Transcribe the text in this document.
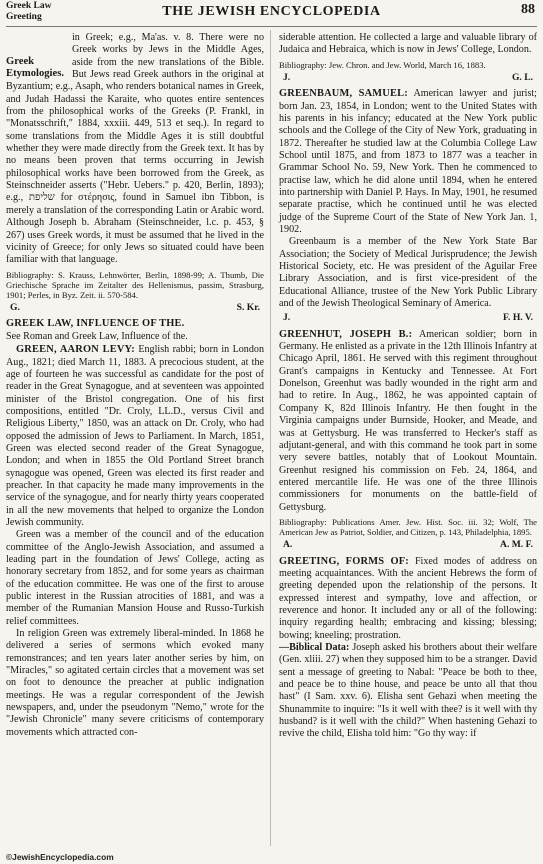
Greek Law
Greeting	THE JEWISH ENCYCLOPEDIA	88
Greek Etymologies.

in Greek; e.g., Ma'as. v. 8. There were no Greek works by Jews in the Middle Ages, aside from the new translations of the Bible. But Jews read Greek authors in the original at Byzantium; e.g., Asaph, who renders botanical names in Greek, and Judah Hadassi the Karaite, who quotes entire sentences from the philosophical works of the Greeks (P. Frankl, in "Monatsschrift," 1884, xxxiii. 449, 513 et seq.). In regard to some translations from the Middle Ages it is still doubtful whether they were made directly from the Greek text. It has by no means been proven that terms occurring in Jewish philosophical works have been borrowed from the Greek, as Steinschneider asserts ("Hebr. Uebers." p. 420, Berlin, 1893); e.g., שליפת for στέρησις, found in Samuel ibn Tibbon, is merely a translation of the corresponding Latin or Arabic word. Although Joseph b. Abraham (Steinschneider, l.c. p. 453, § 267) uses Greek words, it must be assumed that he lived in the vicinity of Greece; for only Jews so situated could have been familiar with that language.

Bibliography: S. Krauss, Lehnwörter, Berlin, 1898-99; A. Thumb, Die Griechische Sprache im Zeitalter des Hellenismus, passim, Strasburg, 1901; Perles, in Byz. Zeit. ii. 570-584.

G.	S. Kr.

GREEK LAW, INFLUENCE OF THE.

See Roman and Greek Law, Influence of the.

GREEN, AARON LEVY: English rabbi; born in London Aug., 1821; died March 11, 1883. A precocious student, at the age of fourteen he was successful as candidate for the post of reader in the Great Synagogue, and at seventeen was appointed minister of the Bristol congregation. One of his first compositions, entitled "Dr. Croly, LL.D., versus Civil and Religious Liberty," 1850, was an attack on Dr. Croly, who had opposed the admission of Jews to Parliament. In March, 1851, Green was elected second reader of the Great Synagogue, London; and when in 1855 the Old Portland Street branch synagogue was opened, Green was elected its first reader and preacher. In that capacity he made many improvements in the service of the synagogue, and for nearly thirty years cooperated in all the new movements that helped to organize the London Jewish community.

Green was a member of the council and of the education committee of the Anglo-Jewish Association, and assumed a leading part in the foundation of Jews' College, acting as honorary secretary from 1852, and for some years as chairman of the education committee. He was one of the first to arouse public interest in the Russian atrocities of 1881, and was a member of the Rumanian Mansion House and Russo-Turkish relief committees.

In religion Green was extremely liberal-minded. In 1868 he delivered a series of sermons which evoked many remonstrances; and ten years later another series by him, on "Miracles," so agitated certain circles that a movement was set on foot to denounce the preacher at public indignation meetings. He was a regular correspondent of the Jewish newspapers, and, under the pseudonym "Nemo," wrote for the "Jewish Chronicle" many severe criticisms of contemporary movements which attracted con-

siderable attention. He collected a large and valuable library of Judaica and Hebraica, which is now in Jews' College, London.

Bibliography: Jew. Chron. and Jew. World, March 16, 1883.

J.	G. L.

GREENBAUM, SAMUEL: American lawyer and jurist; born Jan. 23, 1854, in London; went to the United States with his parents in his infancy; educated at the New York public schools and the College of the City of New York, graduating in 1872. Thereafter he studied law at the Columbia College Law School until 1875, and from 1873 to 1877 was a teacher in Grammar School No. 59, New York. Then he commenced to practise law, which he did alone until 1894, when he entered into partnership with Daniel P. Hays. In May, 1901, he resumed separate practise, which he continued until he was elected judge of the Supreme Court of the State of New York Jan. 1, 1902.

Greenbaum is a member of the New York State Bar Association; the Society of Medical Jurisprudence; the Jewish Historical Society, etc. He was president of the Aguilar Free Library Association, and is first vice-president of the Educational Alliance, trustee of the New York Public Library and of the Jewish Theological Seminary of America.

J.	F. H. V.

GREENHUT, JOSEPH B.: American soldier; born in Germany. He enlisted as a private in the 12th Illinois Infantry at Chicago April, 1861. He served with this regiment throughout Grant's campaigns in Kentucky and Tennessee. At Fort Donelson, Greenhut was badly wounded in the right arm and had to retire. In Aug., 1862, he was appointed captain of Company K, 82d Illinois Infantry. He then fought in the Virginia campaigns under Burnside, Hooker, and Meade, and was at Gettysburg. He was transferred to Hecker's staff as adjutant-general, and with this command he took part in some very severe battles, notably that of Lookout Mountain. Greenhut resigned his commission on Feb. 24, 1864, and entered mercantile life. He was one of the three Illinois commissioners for monuments on the battle-field of Gettysburg.

Bibliography: Publications Amer. Jew. Hist. Soc. iii. 32; Wolf, The American Jew as Patriot, Soldier, and Citizen, p. 143, Philadelphia, 1895.

A.	A. M. F.

GREETING, FORMS OF: Fixed modes of address on meeting acquaintances. With the ancient Hebrews the form of greeting depended upon the relationship of the persons. It expressed interest and sympathy, love and affection, or reverence and honor. It included any or all of the following: inquiry regarding health; embracing and kissing; blessing; bowing; kneeling; prostration.

—Biblical Data: Joseph asked his brothers about their welfare (Gen. xliii. 27) when they supposed him to be a stranger. David sent a message of greeting to Nabal: "Peace be both to thee, and peace be to thine house, and peace be unto all that thou hast" (I Sam. xxv. 6). Elisha sent Gehazi when meeting the Shunammite to inquire: "Is it well with thee? is it well with thy husband? is it well with the child?" When hastening Gehazi to revive the child, Elisha told him: "Go thy way: if

©JewishEncyclopedia.com
